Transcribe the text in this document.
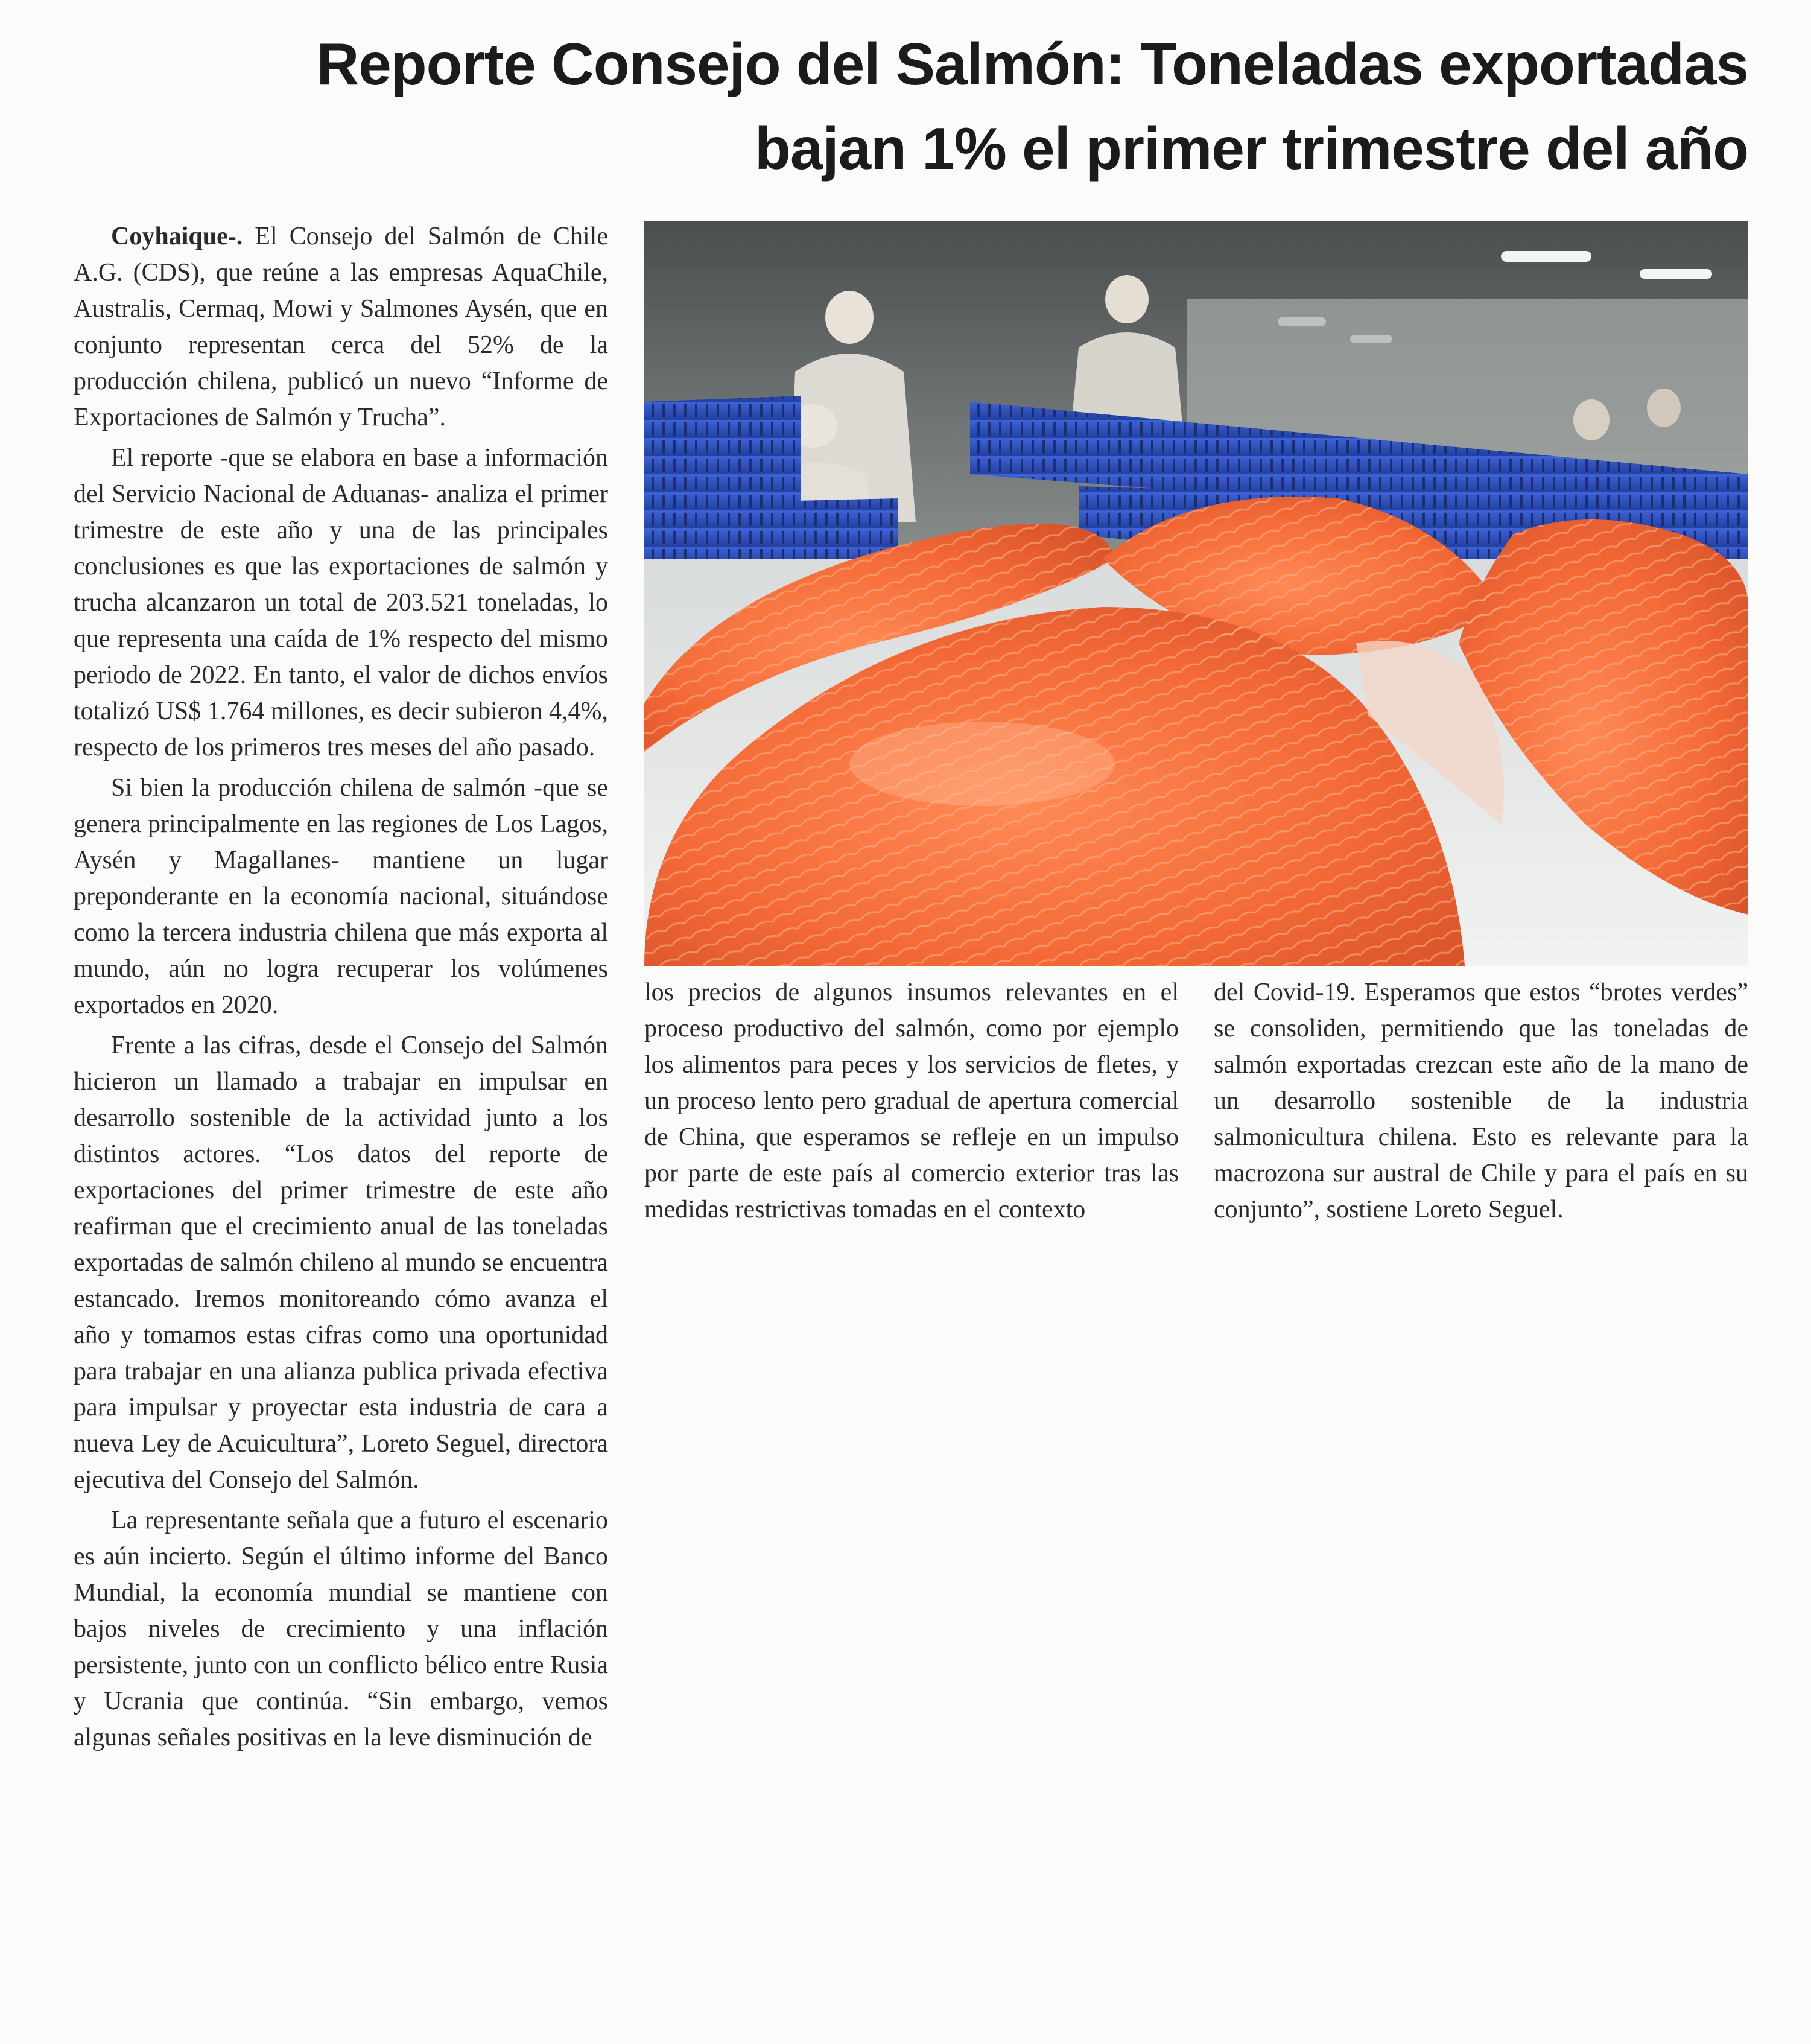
Reporte Consejo del Salmón: Toneladas exportadas
bajan 1% el primer trimestre del año

Coyhaique-. El Consejo del Salmón de Chile A.G. (CDS), que reúne a las empresas AquaChile, Australis, Cermaq, Mowi y Salmones Aysén, que en conjunto representan cerca del 52% de la producción chilena, publicó un nuevo “Informe de Exportaciones de Salmón y Trucha”.

El reporte -que se elabora en base a información del Servicio Nacional de Aduanas- analiza el primer trimestre de este año y una de las principales conclusiones es que las exportaciones de salmón y trucha alcanzaron un total de 203.521 toneladas, lo que representa una caída de 1% respecto del mismo periodo de 2022. En tanto, el valor de dichos envíos totalizó US$ 1.764 millones, es decir subieron 4,4%, respecto de los primeros tres meses del año pasado.

Si bien la producción chilena de salmón -que se genera principalmente en las regiones de Los Lagos, Aysén y Magallanes- mantiene un lugar preponderante en la economía nacional, situándose como la tercera industria chilena que más exporta al mundo, aún no logra recuperar los volúmenes exportados en 2020.

Frente a las cifras, desde el Consejo del Salmón hicieron un llamado a trabajar en impulsar en desarrollo sostenible de la actividad junto a los distintos actores. “Los datos del reporte de exportaciones del primer trimestre de este año reafirman que el crecimiento anual de las toneladas exportadas de salmón chileno al mundo se encuentra estancado. Iremos monitoreando cómo avanza el año y tomamos estas cifras como una oportunidad para trabajar en una alianza publica privada efectiva para impulsar y proyectar esta industria de cara a nueva Ley de Acuicultura”, Loreto Seguel, directora ejecutiva del Consejo del Salmón.

La representante señala que a futuro el escenario es aún incierto. Según el último informe del Banco Mundial, la economía mundial se mantiene con bajos niveles de crecimiento y una inflación persistente, junto con un conflicto bélico entre Rusia y Ucrania que continúa. “Sin embargo, vemos algunas señales positivas en la leve disminución de

los precios de algunos insumos relevantes en el proceso productivo del salmón, como por ejemplo los alimentos para peces y los servicios de fletes, y un proceso lento pero gradual de apertura comercial de China, que esperamos se refleje en un impulso por parte de este país al comercio exterior tras las medidas restrictivas tomadas en el contexto

del Covid-19. Esperamos que estos “brotes verdes” se consoliden, permitiendo que las toneladas de salmón exportadas crezcan este año de la mano de un desarrollo sostenible de la industria salmonicultura chilena. Esto es relevante para la macrozona sur austral de Chile y para el país en su conjunto”, sostiene Loreto Seguel.
